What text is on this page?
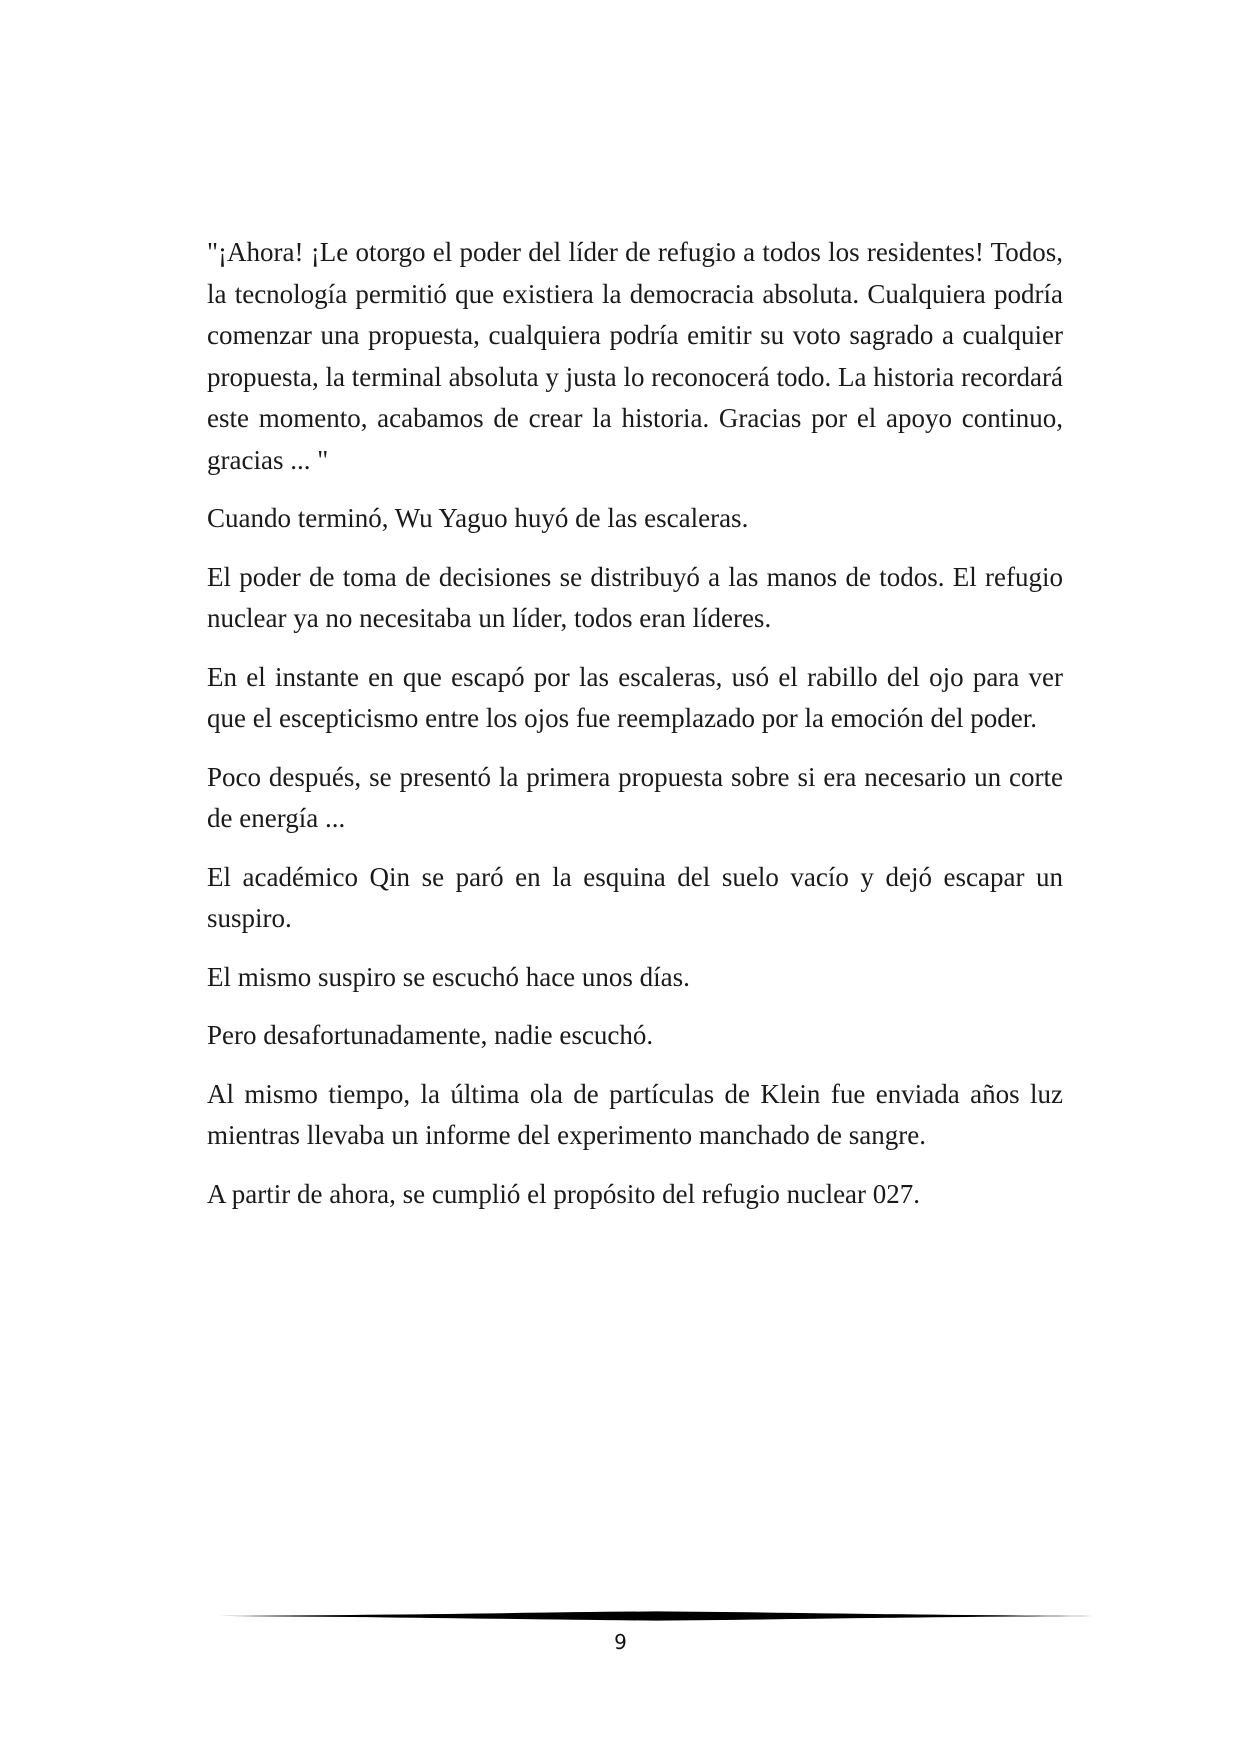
"¡Ahora! ¡Le otorgo el poder del líder de refugio a todos los residentes! Todos, la tecnología permitió que existiera la democracia absoluta. Cualquiera podría comenzar una propuesta, cualquiera podría emitir su voto sagrado a cualquier propuesta, la terminal absoluta y justa lo reconocerá todo. La historia recordará este momento, acabamos de crear la historia. Gracias por el apoyo continuo, gracias ... "

Cuando terminó, Wu Yaguo huyó de las escaleras.

El poder de toma de decisiones se distribuyó a las manos de todos. El refugio nuclear ya no necesitaba un líder, todos eran líderes.

En el instante en que escapó por las escaleras, usó el rabillo del ojo para ver que el escepticismo entre los ojos fue reemplazado por la emoción del poder.

Poco después, se presentó la primera propuesta sobre si era necesario un corte de energía ...

El académico Qin se paró en la esquina del suelo vacío y dejó escapar un suspiro.

El mismo suspiro se escuchó hace unos días.

Pero desafortunadamente, nadie escuchó.

Al mismo tiempo, la última ola de partículas de Klein fue enviada años luz mientras llevaba un informe del experimento manchado de sangre.

A partir de ahora, se cumplió el propósito del refugio nuclear 027.

9
